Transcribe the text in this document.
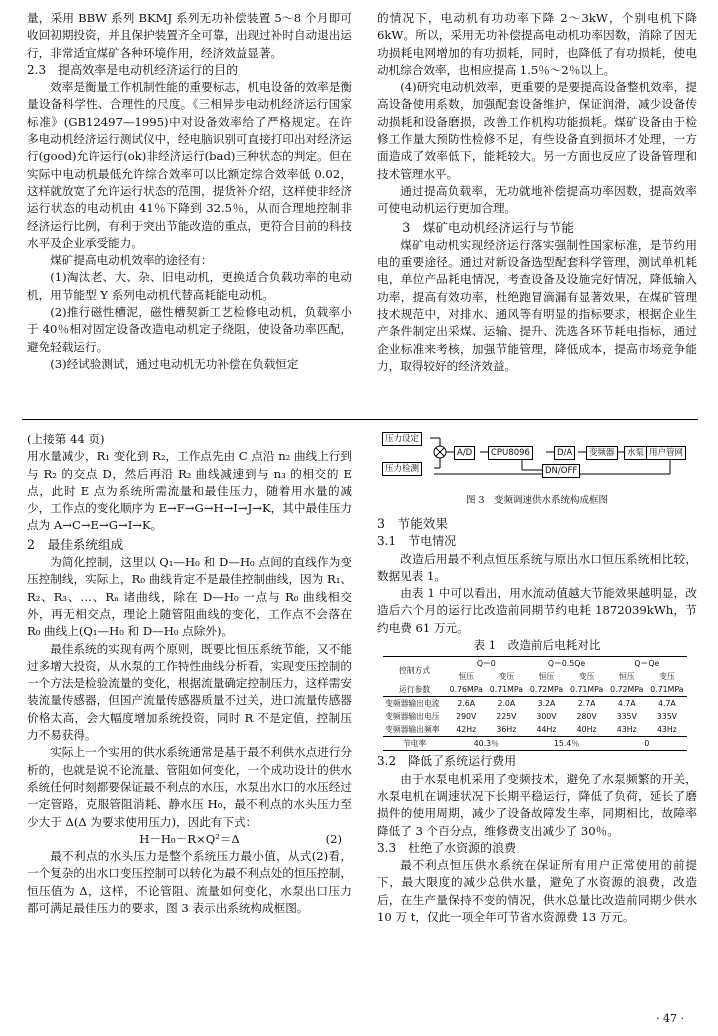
量，采用 BBW 系列 BKMJ 系列无功补偿装置 5～8 个月即可收回初期投资，并且保护装置齐全可靠，出现过补时自动退出运行，非常适宜煤矿各种环境作用，经济效益显著。

2.3　提高效率是电动机经济运行的目的

效率是衡量工作机制性能的重要标志，机电设备的效率是衡量设备科学性、合理性的尺度。《三相异步电动机经济运行国家标准》(GB12497—1995)中对设备效率给了严格规定。在许多电动机经济运行测试仪中，经电脑识别可直接打印出对经济运行(good)允许运行(ok)非经济运行(bad)三种状态的判定。但在实际中电动机最低允许综合效率可以比额定综合效率低 0.02，这样就放宽了允许运行状态的范围，提货补介绍，这样使非经济运行状态的电动机由 41％下降到 32.5％，从而合理地控制非经济运行比例，有利于突出节能改造的重点，更符合目前的科技水平及企业承受能力。

煤矿提高电动机效率的途径有：

(1)淘汰老、大、杂、旧电动机，更换适合负载功率的电动机，用节能型 Y 系列电动机代替高耗能电动机。

(2)推行磁性槽泥，磁性槽契新工艺检修电动机，负载率小于 40％相对固定设备改造电动机定子绕阻，使设备功率匹配，避免轻载运行。

(3)经试验测试，通过电动机无功补偿在负载恒定

的情况下，电动机有功功率下降 2～3kW，个别电机下降 6kW。所以，采用无功补偿提高电动机功率因数，消除了因无功损耗电网增加的有功损耗，同时，也降低了有功损耗，使电动机综合效率，也相应提高 1.5％～2％以上。

(4)研究电动机效率，更重要的是要提高设备整机效率，提高设备使用系数，加强配套设备维护，保证润滑，减少设备传动损耗和设备磨损，改善工作机构功能损耗。煤矿设备由于检修工作量大预防性检修不足，有些设备直到损坏才处理，一方面造成了效率低下，能耗较大。另一方面也反应了设备管理和技术管理水平。

通过提高负载率，无功就地补偿提高功率因数，提高效率可使电动机运行更加合理。

3　煤矿电动机经济运行与节能

煤矿电动机实现经济运行落实强制性国家标准，是节约用电的重要途径。通过对新设备选型配套科学管理，测试单机耗电，单位产品耗电情况，考查设备及设施完好情况，降低输入功率，提高有效功率，杜绝跑冒滴漏有显著效果，在煤矿管理技术规范中，对排水、通风等有明显的指标要求，根据企业生产条件制定出采煤、运输、提升、洗选各环节耗电指标，通过企业标准来考核，加强节能管理，降低成本，提高市场竞争能力，取得较好的经济效益。

(上接第 44 页)

用水量减少，R₁ 变化到 R₂，工作点先由 C 点沿 n₂ 曲线上行到与 R₂ 的交点 D，然后再沿 R₂ 曲线减速到与 n₃ 的相交的 E 点，此时 E 点为系统所需流量和最佳压力，随着用水量的减少，工作点的变化顺序为 E→F→G→H→I→J→K，其中最佳压力点为 A→C→E→G→I→K。

2　最佳系统组成

为简化控制，这里以 Q₁—H₀ 和 D—H₀ 点间的直线作为变压控制线，实际上，R₀ 曲线肯定不是最佳控制曲线，因为 R₁、R₂、R₃、…、Rₙ 诸曲线，除在 D—H₀ 一点与 R₀ 曲线相交外，再无相交点，理论上随管阻曲线的变化，工作点不会落在 R₀ 曲线上(Q₁—H₀ 和 D—H₀ 点除外)。

最佳系统的实现有两个原则，既要比恒压系统节能，又不能过多增大投资，从水泵的工作特性曲线分析看，实现变压控制的一个方法是检验流量的变化，根据流量确定控制压力，这样需安装流量传感器，但国产流量传感器质量不过关，进口流量传感器价格太高，会大幅度增加系统投资，同时 R 不是定值，控制压力不易获得。

实际上一个实用的供水系统通常是基于最不利供水点进行分析的，也就是说不论流量、管阻如何变化，一个成功设计的供水系统任何时刻都要保证最不利点的水压，水泵出水口的水压经过一定管路，克服管阻消耗、静水压 H₀，最不利点的水头压力至少大于 Δ(Δ 为要求使用压力)，因此有下式：

H－H₀－R×Q²＝Δ	(2)

最不利点的水头压力是整个系统压力最小值，从式(2)看，一个复杂的出水口变压控制可以转化为最不利点处的恒压控制，恒压值为 Δ，这样，不论管阻、流量如何变化，水泵出口压力都可满足最佳压力的要求，图 3 表示出系统构成框图。

压力设定
压力检测
A/D	CPU8096	D/A	变频器	水泵 用户管网
DN/OFF
图 3　变频调速供水系统构成框图

3　节能效果

3.1　节电情况

改造后用最不利点恒压系统与原出水口恒压系统相比较，数据见表 1。

由表 1 中可以看出，用水流动值越大节能效果越明显，改造后六个月的运行比改造前同期节约电耗 1872039kWh，节约电费 61 万元。

表 1　改造前后电耗对比

控制方式	Q＝0		Q＝0.5Qe		Q＝Qe	
	恒压	变压	恒压	变压	恒压	变压
运行参数	0.76MPa	0.71MPa	0.72MPa	0.71MPa	0.72MPa	0.71MPa
变频器输出电流	2.6A	2.0A	3.2A	2.7A	4.7A	4.7A
变频器输出电压	290V	225V	300V	280V	335V	335V
变频器输出频率	42Hz	36Hz	44Hz	40Hz	43Hz	43Hz
节电率	40.3％		15.4％		0	

3.2　降低了系统运行费用

由于水泵电机采用了变频技术，避免了水泵频繁的开关，水泵电机在调速状况下长期平稳运行，降低了负荷，延长了磨损件的使用周期，减少了设备故障发生率，同期相比，故障率降低了 3 个百分点，维修费支出减少了 30％。

3.3　杜绝了水资源的浪费

最不利点恒压供水系统在保证所有用户正常使用的前提下，最大限度的减少总供水量，避免了水资源的浪费，改造后，在生产量保持不变的情况，供水总量比改造前同期少供水 10 万 t，仅此一项全年可节省水资源费 13 万元。

· 47 ·
